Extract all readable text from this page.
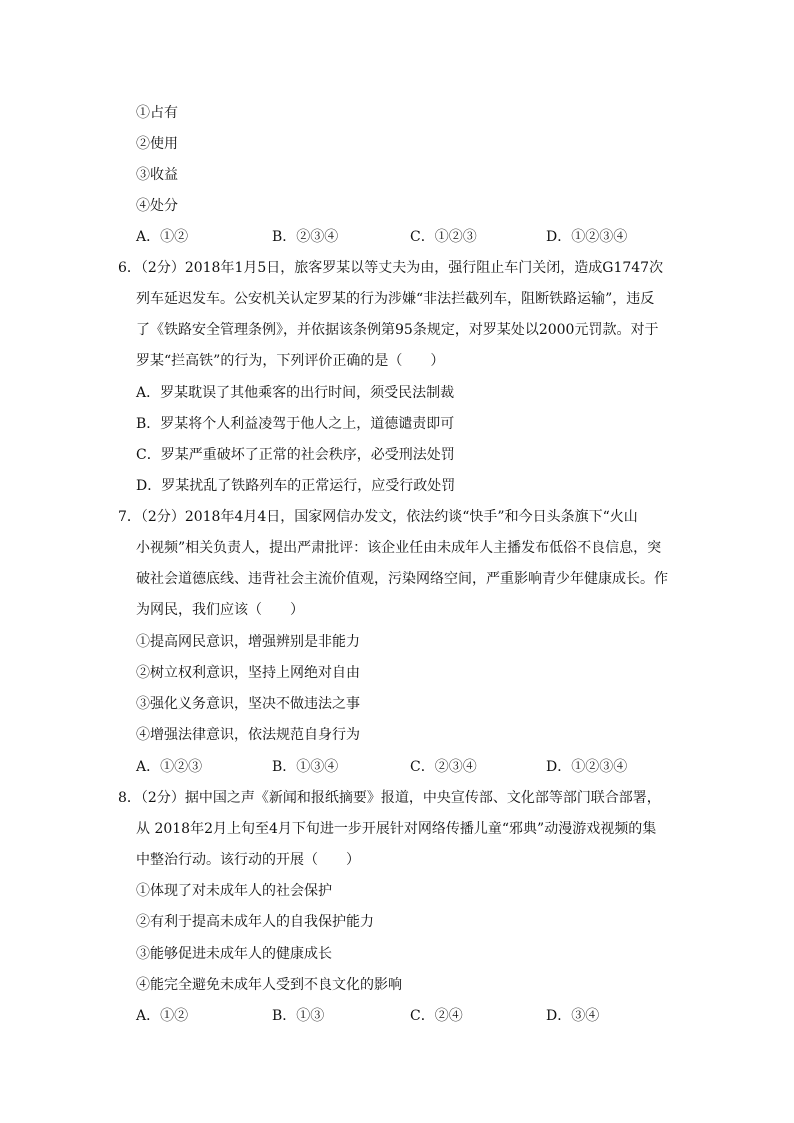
①占有
②使用
③收益
④处分
A．①②	B．②③④	C．①②③	D．①②③④
6．（2分）2018年1月5日，旅客罗某以等丈夫为由，强行阻止车门关闭，造成G1747次
列车延迟发车。公安机关认定罗某的行为涉嫌“非法拦截列车，阻断铁路运输”，违反
了《铁路安全管理条例》，并依据该条例第95条规定，对罗某处以2000元罚款。对于
罗某“拦高铁”的行为，下列评价正确的是（　　）
A．罗某耽误了其他乘客的出行时间，须受民法制裁
B．罗某将个人利益凌驾于他人之上，道德谴责即可
C．罗某严重破坏了正常的社会秩序，必受刑法处罚
D．罗某扰乱了铁路列车的正常运行，应受行政处罚
7．（2分）2018年4月4日，国家网信办发文，依法约谈“快手”和今日头条旗下“火山
小视频”相关负责人，提出严肃批评：该企业任由未成年人主播发布低俗不良信息，突
破社会道德底线、违背社会主流价值观，污染网络空间，严重影响青少年健康成长。作
为网民，我们应该（　　）
①提高网民意识，增强辨别是非能力
②树立权利意识，坚持上网绝对自由
③强化义务意识，坚决不做违法之事
④增强法律意识，依法规范自身行为
A．①②③	B．①③④	C．②③④	D．①②③④
8．（2分）据中国之声《新闻和报纸摘要》报道，中央宣传部、文化部等部门联合部署，
从 2018年2月上旬至4月下旬进一步开展针对网络传播儿童“邪典”动漫游戏视频的集
中整治行动。该行动的开展（　　）
①体现了对未成年人的社会保护
②有利于提高未成年人的自我保护能力
③能够促进未成年人的健康成长
④能完全避免未成年人受到不良文化的影响
A．①②	B．①③	C．②④	D．③④
